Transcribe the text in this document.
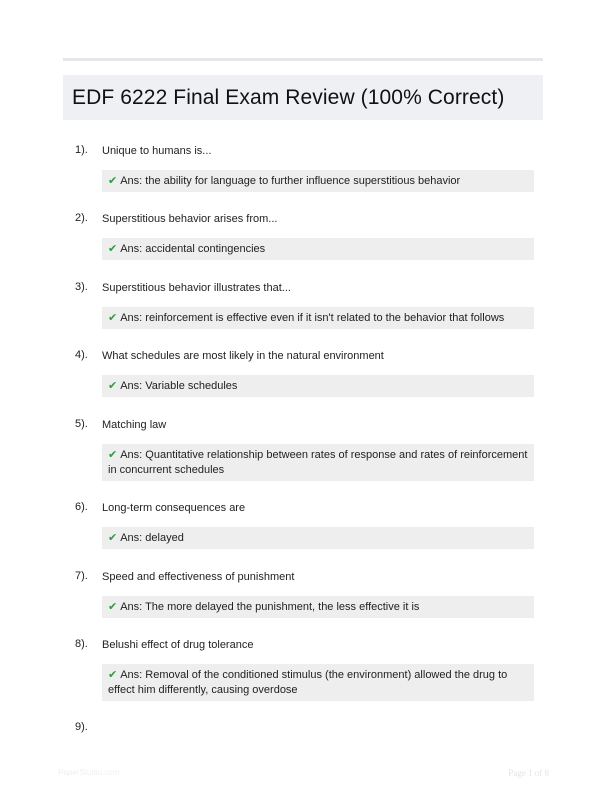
EDF 6222 Final Exam Review (100% Correct)
1). Unique to humans is...
✔ Ans: the ability for language to further influence superstitious behavior
2). Superstitious behavior arises from...
✔ Ans: accidental contingencies
3). Superstitious behavior illustrates that...
✔ Ans: reinforcement is effective even if it isn't related to the behavior that follows
4). What schedules are most likely in the natural environment
✔ Ans: Variable schedules
5). Matching law
✔ Ans: Quantitative relationship between rates of response and rates of reinforcement in concurrent schedules
6). Long-term consequences are
✔ Ans: delayed
7). Speed and effectiveness of punishment
✔ Ans: The more delayed the punishment, the less effective it is
8). Belushi effect of drug tolerance
✔ Ans: Removal of the conditioned stimulus (the environment) allowed the drug to effect him differently, causing overdose
9).
PaperStudio.com	Page 1 of 8
